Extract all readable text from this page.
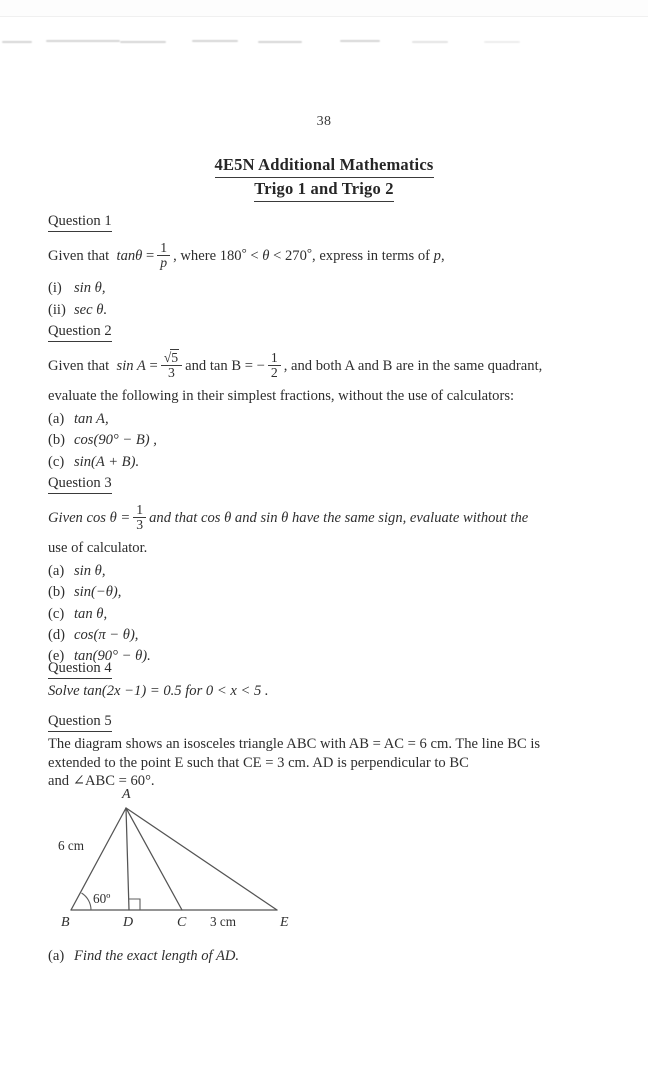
38
4E5N Additional Mathematics
Trigo 1 and Trigo 2
Question 1
Given that $\tan\theta = \frac{1}{p}$ , where 180° < θ < 270°, express in terms of p,
(i) sin θ,
(ii) sec θ.
Question 2
Given that $\sin A = \frac{√5}{3}$ and tan B = − $\frac{1}{2}$ , and both A and B are in the same quadrant,
evaluate the following in their simplest fractions, without the use of calculators:
(a) tan A,
(b) cos(90° − B) ,
(c) sin(A + B).
Question 3
Given $\cos \theta = \frac{1}{3}$ and that cos θ and sin θ have the same sign, evaluate without the
use of calculator.
(a) sin θ,
(b) sin(−θ),
(c) tan θ,
(d) cos(π − θ),
(e) tan(90° − θ).
Question 4
Solve tan(2x −1) = 0.5 for 0 < x < 5 .
Question 5
The diagram shows an isosceles triangle ABC with AB = AC = 6 cm. The line BC is
extended to the point E such that CE = 3 cm. AD is perpendicular to BC
and ∠ABC = 60°.
A
B	D	C	E
6 cm
60º
3 cm
(a) Find the exact length of AD.
